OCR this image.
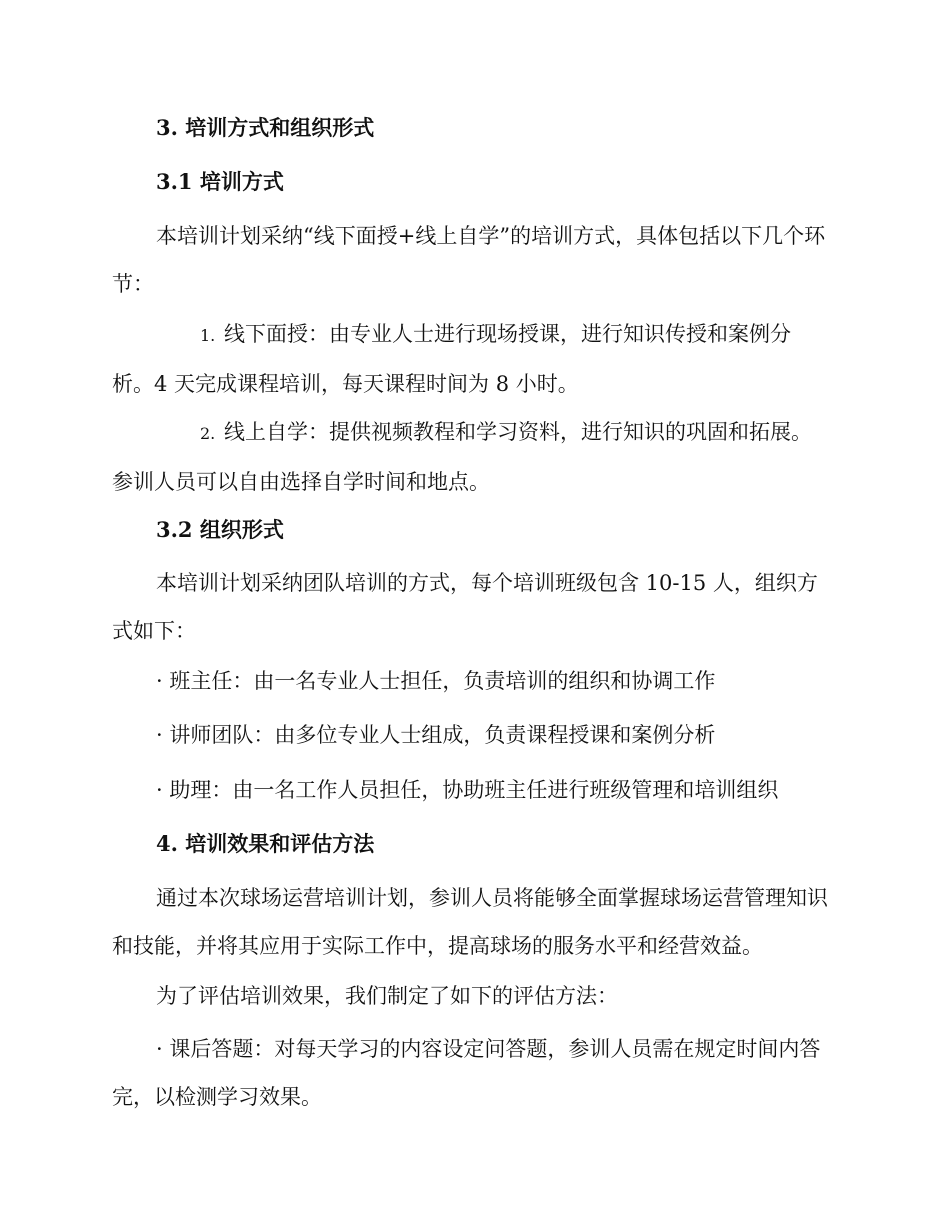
3. 培训方式和组织形式
3.1 培训方式

本培训计划采纳“线下面授+线上自学”的培训方式，具体包括以下几个环节：

1. 线下面授：由专业人士进行现场授课，进行知识传授和案例分析。4 天完成课程培训，每天课程时间为 8 小时。
2. 线上自学：提供视频教程和学习资料，进行知识的巩固和拓展。参训人员可以自由选择自学时间和地点。
3.2 组织形式

本培训计划采纳团队培训的方式，每个培训班级包含 10-15 人，组织方式如下：

· 班主任：由一名专业人士担任，负责培训的组织和协调工作
· 讲师团队：由多位专业人士组成，负责课程授课和案例分析
· 助理：由一名工作人员担任，协助班主任进行班级管理和培训组织
4. 培训效果和评估方法

通过本次球场运营培训计划，参训人员将能够全面掌握球场运营管理知识和技能，并将其应用于实际工作中，提高球场的服务水平和经营效益。

为了评估培训效果，我们制定了如下的评估方法：

· 课后答题：对每天学习的内容设定问答题，参训人员需在规定时间内答完，以检测学习效果。
